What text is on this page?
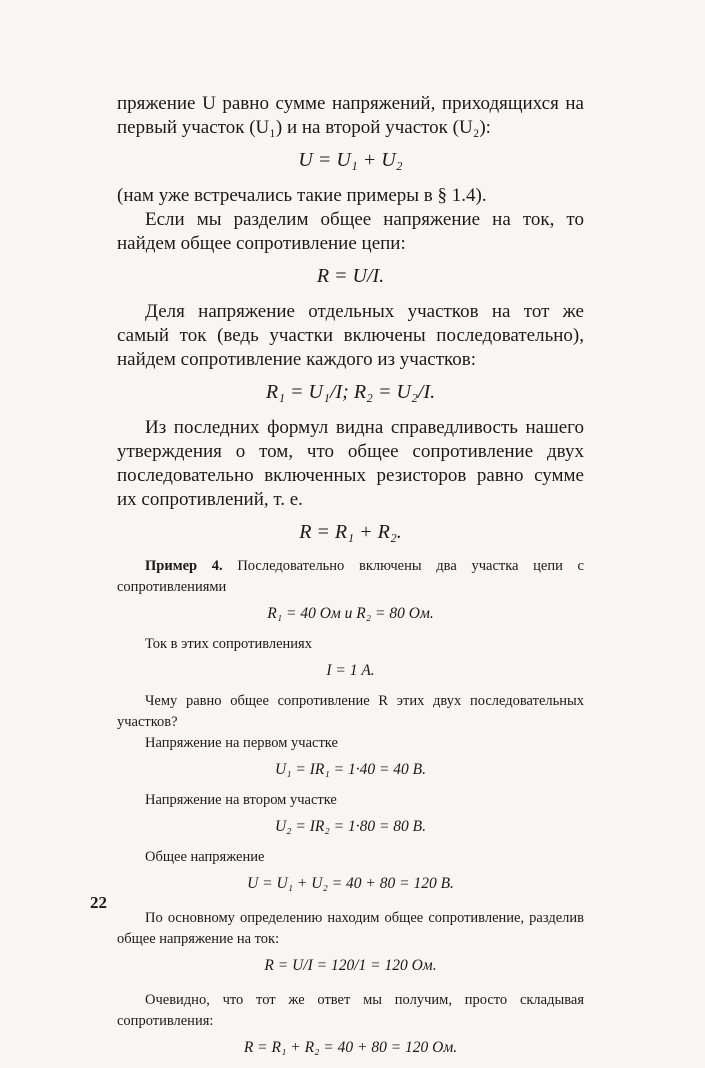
пряжение U равно сумме напряжений, приходящихся на первый участок (U₁) и на второй участок (U₂):

U = U₁ + U₂

(нам уже встречались такие примеры в § 1.4).

Если мы разделим общее напряжение на ток, то найдем общее сопротивление цепи:

R = U/I.

Деля напряжение отдельных участков на тот же самый ток (ведь участки включены последовательно), найдем сопротивление каждого из участков:

R₁ = U₁/I; R₂ = U₂/I.

Из последних формул видна справедливость нашего утверждения о том, что общее сопротивление двух последовательно включенных резисторов равно сумме их сопротивлений, т. е.

R = R₁ + R₂.

Пример 4. Последовательно включены два участка цепи с сопротивлениями

R₁ = 40 Ом и R₂ = 80 Ом.

Ток в этих сопротивлениях

I = 1 А.

Чему равно общее сопротивление R этих двух последовательных участков?

Напряжение на первом участке

U₁ = IR₁ = 1·40 = 40 В.

Напряжение на втором участке

U₂ = IR₂ = 1·80 = 80 В.

Общее напряжение

U = U₁ + U₂ = 40 + 80 = 120 В.

По основному определению находим общее сопротивление, разделив общее напряжение на ток:

R = U/I = 120/1 = 120 Ом.

Очевидно, что тот же ответ мы получим, просто складывая сопротивления:

R = R₁ + R₂ = 40 + 80 = 120 Ом.

22
